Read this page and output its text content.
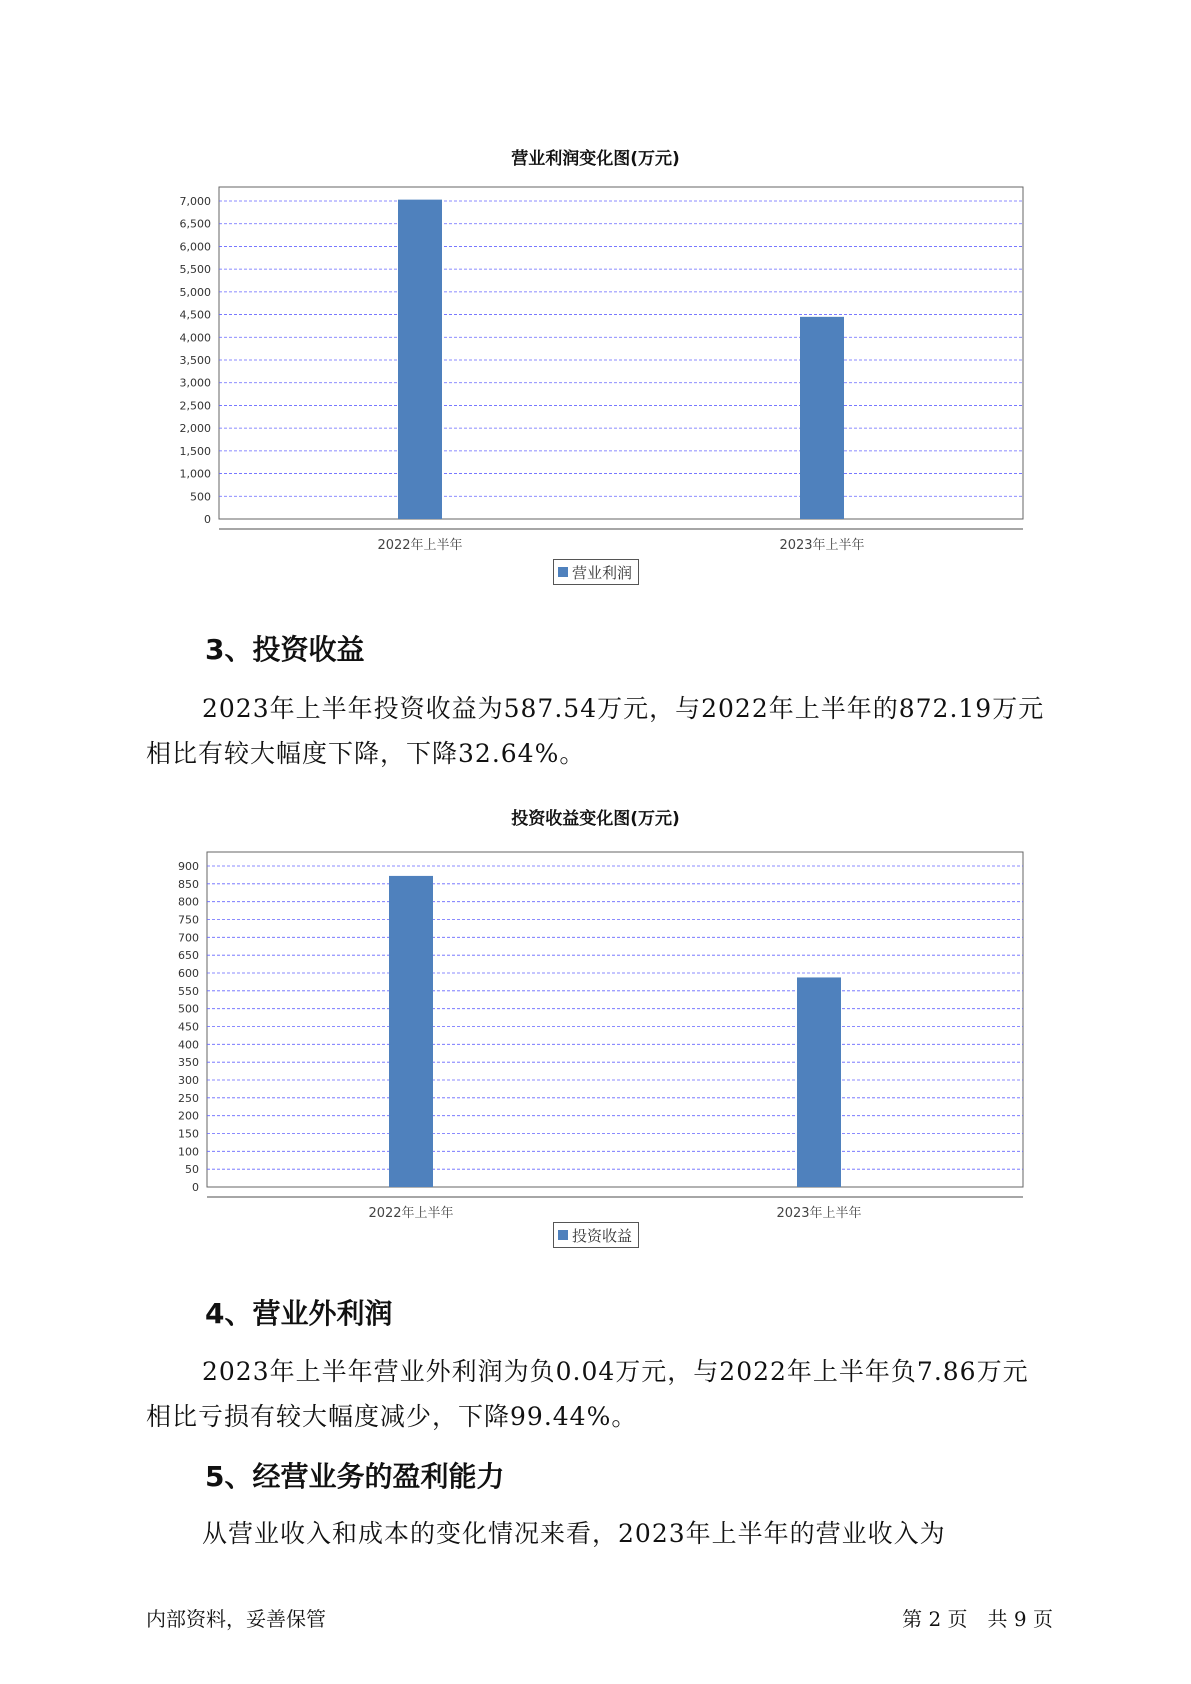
营业利润变化图(万元)
0
500
1,000
1,500
2,000
2,500
3,000
3,500
4,000
4,500
5,000
5,500
6,000
6,500
7,000
2022年上半年	2023年上半年
营业利润
3、投资收益

2023年上半年投资收益为587.54万元，与2022年上半年的872.19万元相比有较大幅度下降，下降32.64%。

投资收益变化图(万元)
0
50
100
150
200
250
300
350
400
450
500
550
600
650
700
750
800
850
900
2022年上半年	2023年上半年
投资收益
4、营业外利润

2023年上半年营业外利润为负0.04万元，与2022年上半年负7.86万元相比亏损有较大幅度减少，下降99.44%。

5、经营业务的盈利能力

从营业收入和成本的变化情况来看，2023年上半年的营业收入为

内部资料，妥善保管	第 2 页　共 9 页
